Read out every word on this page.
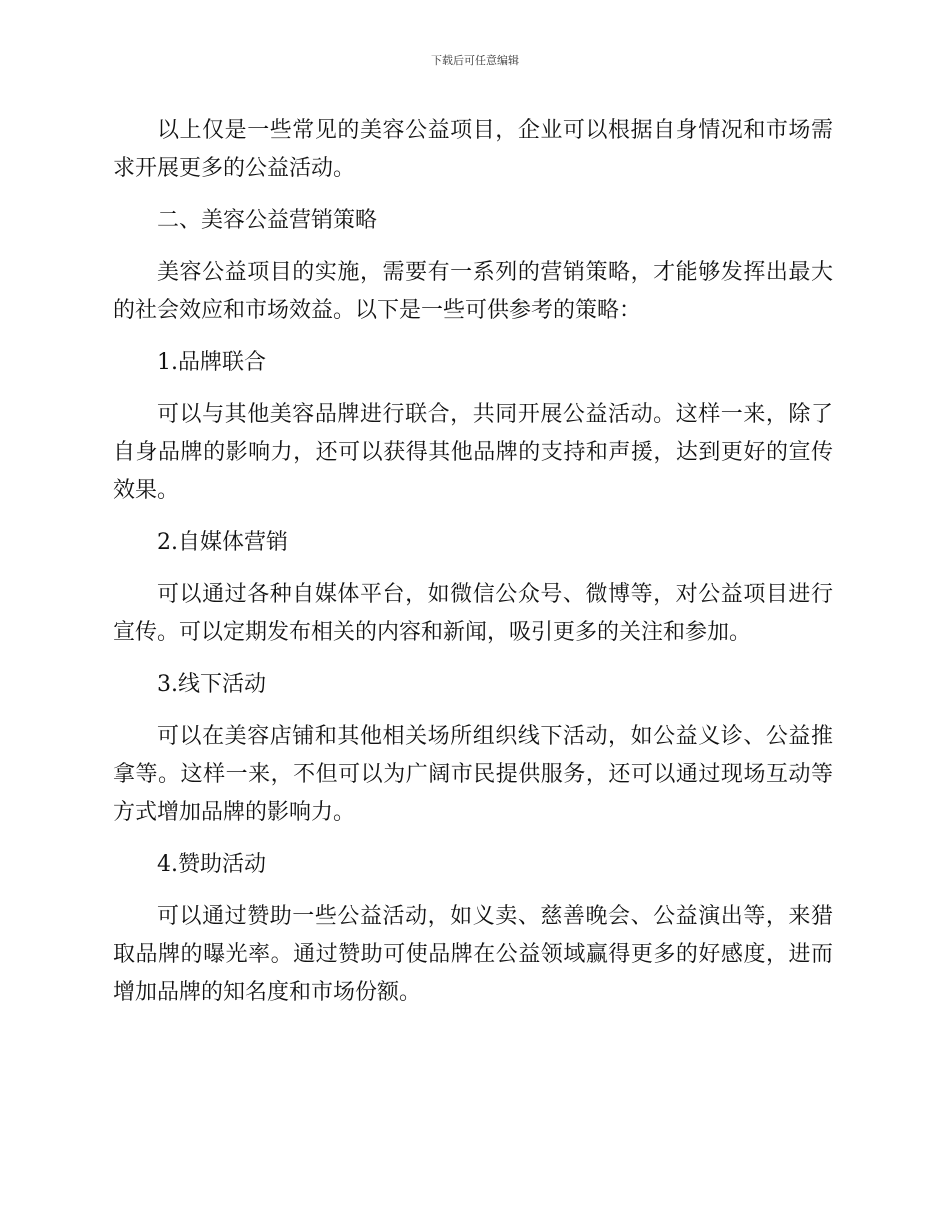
下载后可任意编辑

以上仅是一些常见的美容公益项目，企业可以根据自身情况和市场需求开展更多的公益活动。

二、美容公益营销策略

美容公益项目的实施，需要有一系列的营销策略，才能够发挥出最大的社会效应和市场效益。以下是一些可供参考的策略：

1.品牌联合

可以与其他美容品牌进行联合，共同开展公益活动。这样一来，除了自身品牌的影响力，还可以获得其他品牌的支持和声援，达到更好的宣传效果。

2.自媒体营销

可以通过各种自媒体平台，如微信公众号、微博等，对公益项目进行宣传。可以定期发布相关的内容和新闻，吸引更多的关注和参加。

3.线下活动

可以在美容店铺和其他相关场所组织线下活动，如公益义诊、公益推拿等。这样一来，不但可以为广阔市民提供服务，还可以通过现场互动等方式增加品牌的影响力。

4.赞助活动

可以通过赞助一些公益活动，如义卖、慈善晚会、公益演出等，来猎取品牌的曝光率。通过赞助可使品牌在公益领域赢得更多的好感度，进而增加品牌的知名度和市场份额。
